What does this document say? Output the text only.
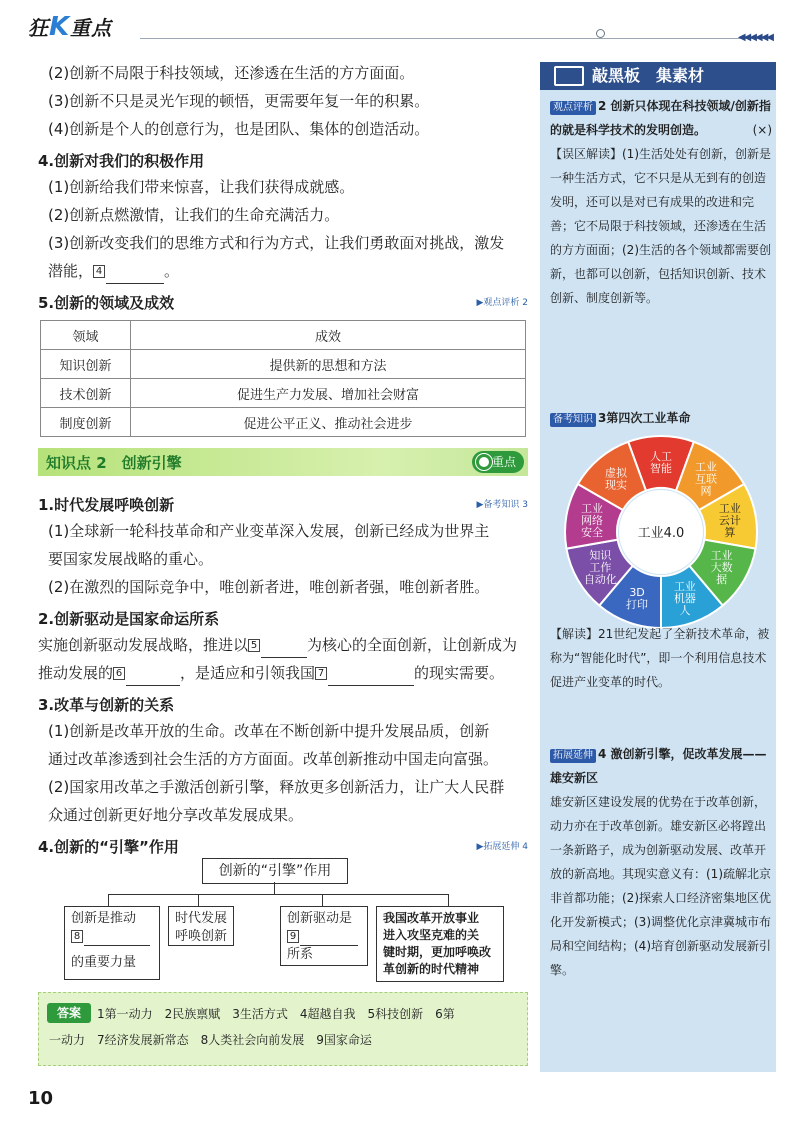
狂K重点	◀◀◀◀◀◀
(2)创新不局限于科技领域，还渗透在生活的方方面面。
(3)创新不只是灵光乍现的顿悟，更需要年复一年的积累。
(4)创新是个人的创意行为，也是团队、集体的创造活动。
4.创新对我们的积极作用
(1)创新给我们带来惊喜，让我们获得成就感。
(2)创新点燃激情，让我们的生命充满活力。
(3)创新改变我们的思维方式和行为方式，让我们勇敢面对挑战，激发
潜能， 4	。
5.创新的领域及成效	▶观点评析 2
领域	成效
知识创新	提供新的思想和方法
技术创新	促进生产力发展、增加社会财富
制度创新	促进公平正义、推动社会进步
知识点 2　创新引擎	重点
1.时代发展呼唤创新	▶备考知识 3
(1)全球新一轮科技革命和产业变革深入发展，创新已经成为世界主
要国家发展战略的重心。
(2)在激烈的国际竞争中，唯创新者进，唯创新者强，唯创新者胜。
2.创新驱动是国家命运所系
实施创新驱动发展战略，推进以 5	为核心的全面创新，让创新成为
推动发展的 6	，是适应和引领我国 7	的现实需要。
3.改革与创新的关系
(1)创新是改革开放的生命。改革在不断创新中提升发展品质，创新
通过改革渗透到社会生活的方方面面。改革创新推动中国走向富强。
(2)国家用改革之手激活创新引擎，释放更多创新活力，让广大人民群
众通过创新更好地分享改革发展成果。
4.创新的“引擎”作用	▶拓展延伸 4
创新的“引擎”作用
创新是推动
8
的重要力量
时代发展
呼唤创新
创新驱动是
9
所系
我国改革开放事业
进入攻坚克难的关
键时期，更加呼唤改
革创新的时代精神
答案	1第一动力　2民族禀赋　3生活方式　4超越自我　5科技创新　6第
一动力　7经济发展新常态　8人类社会向前发展　9国家命运
10
敲黑板　集素材
观点评析 2 创新只体现在科技领域/创新指的就是科学技术的发明创造。	(×)
【误区解读】(1)生活处处有创新，创新是一种生活方式，它不只是从无到有的创造发明，还可以是对已有成果的改进和完善；它不局限于科技领域，还渗透在生活的方方面面；(2)生活的各个领域都需要创新，也都可以创新，包括知识创新、技术创新、制度创新等。
备考知识 3第四次工业革命
人工智能 工业互联网
工业云计算
工业大数据
工业机器人
3D 打印
知识工作自动化
工业网络安全
虚拟现实
工业4.0
【解读】21世纪发起了全新技术革命，被称为“智能化时代”，即一个利用信息技术促进产业变革的时代。
拓展延伸 4 激创新引擎，促改革发展——雄安新区
雄安新区建设发展的优势在于改革创新，动力亦在于改革创新。雄安新区必将蹚出一条新路子，成为创新驱动发展、改革开放的新高地。其现实意义有：(1)疏解北京非首都功能；(2)探索人口经济密集地区优化开发新模式；(3)调整优化京津冀城市布局和空间结构；(4)培育创新驱动发展新引擎。
